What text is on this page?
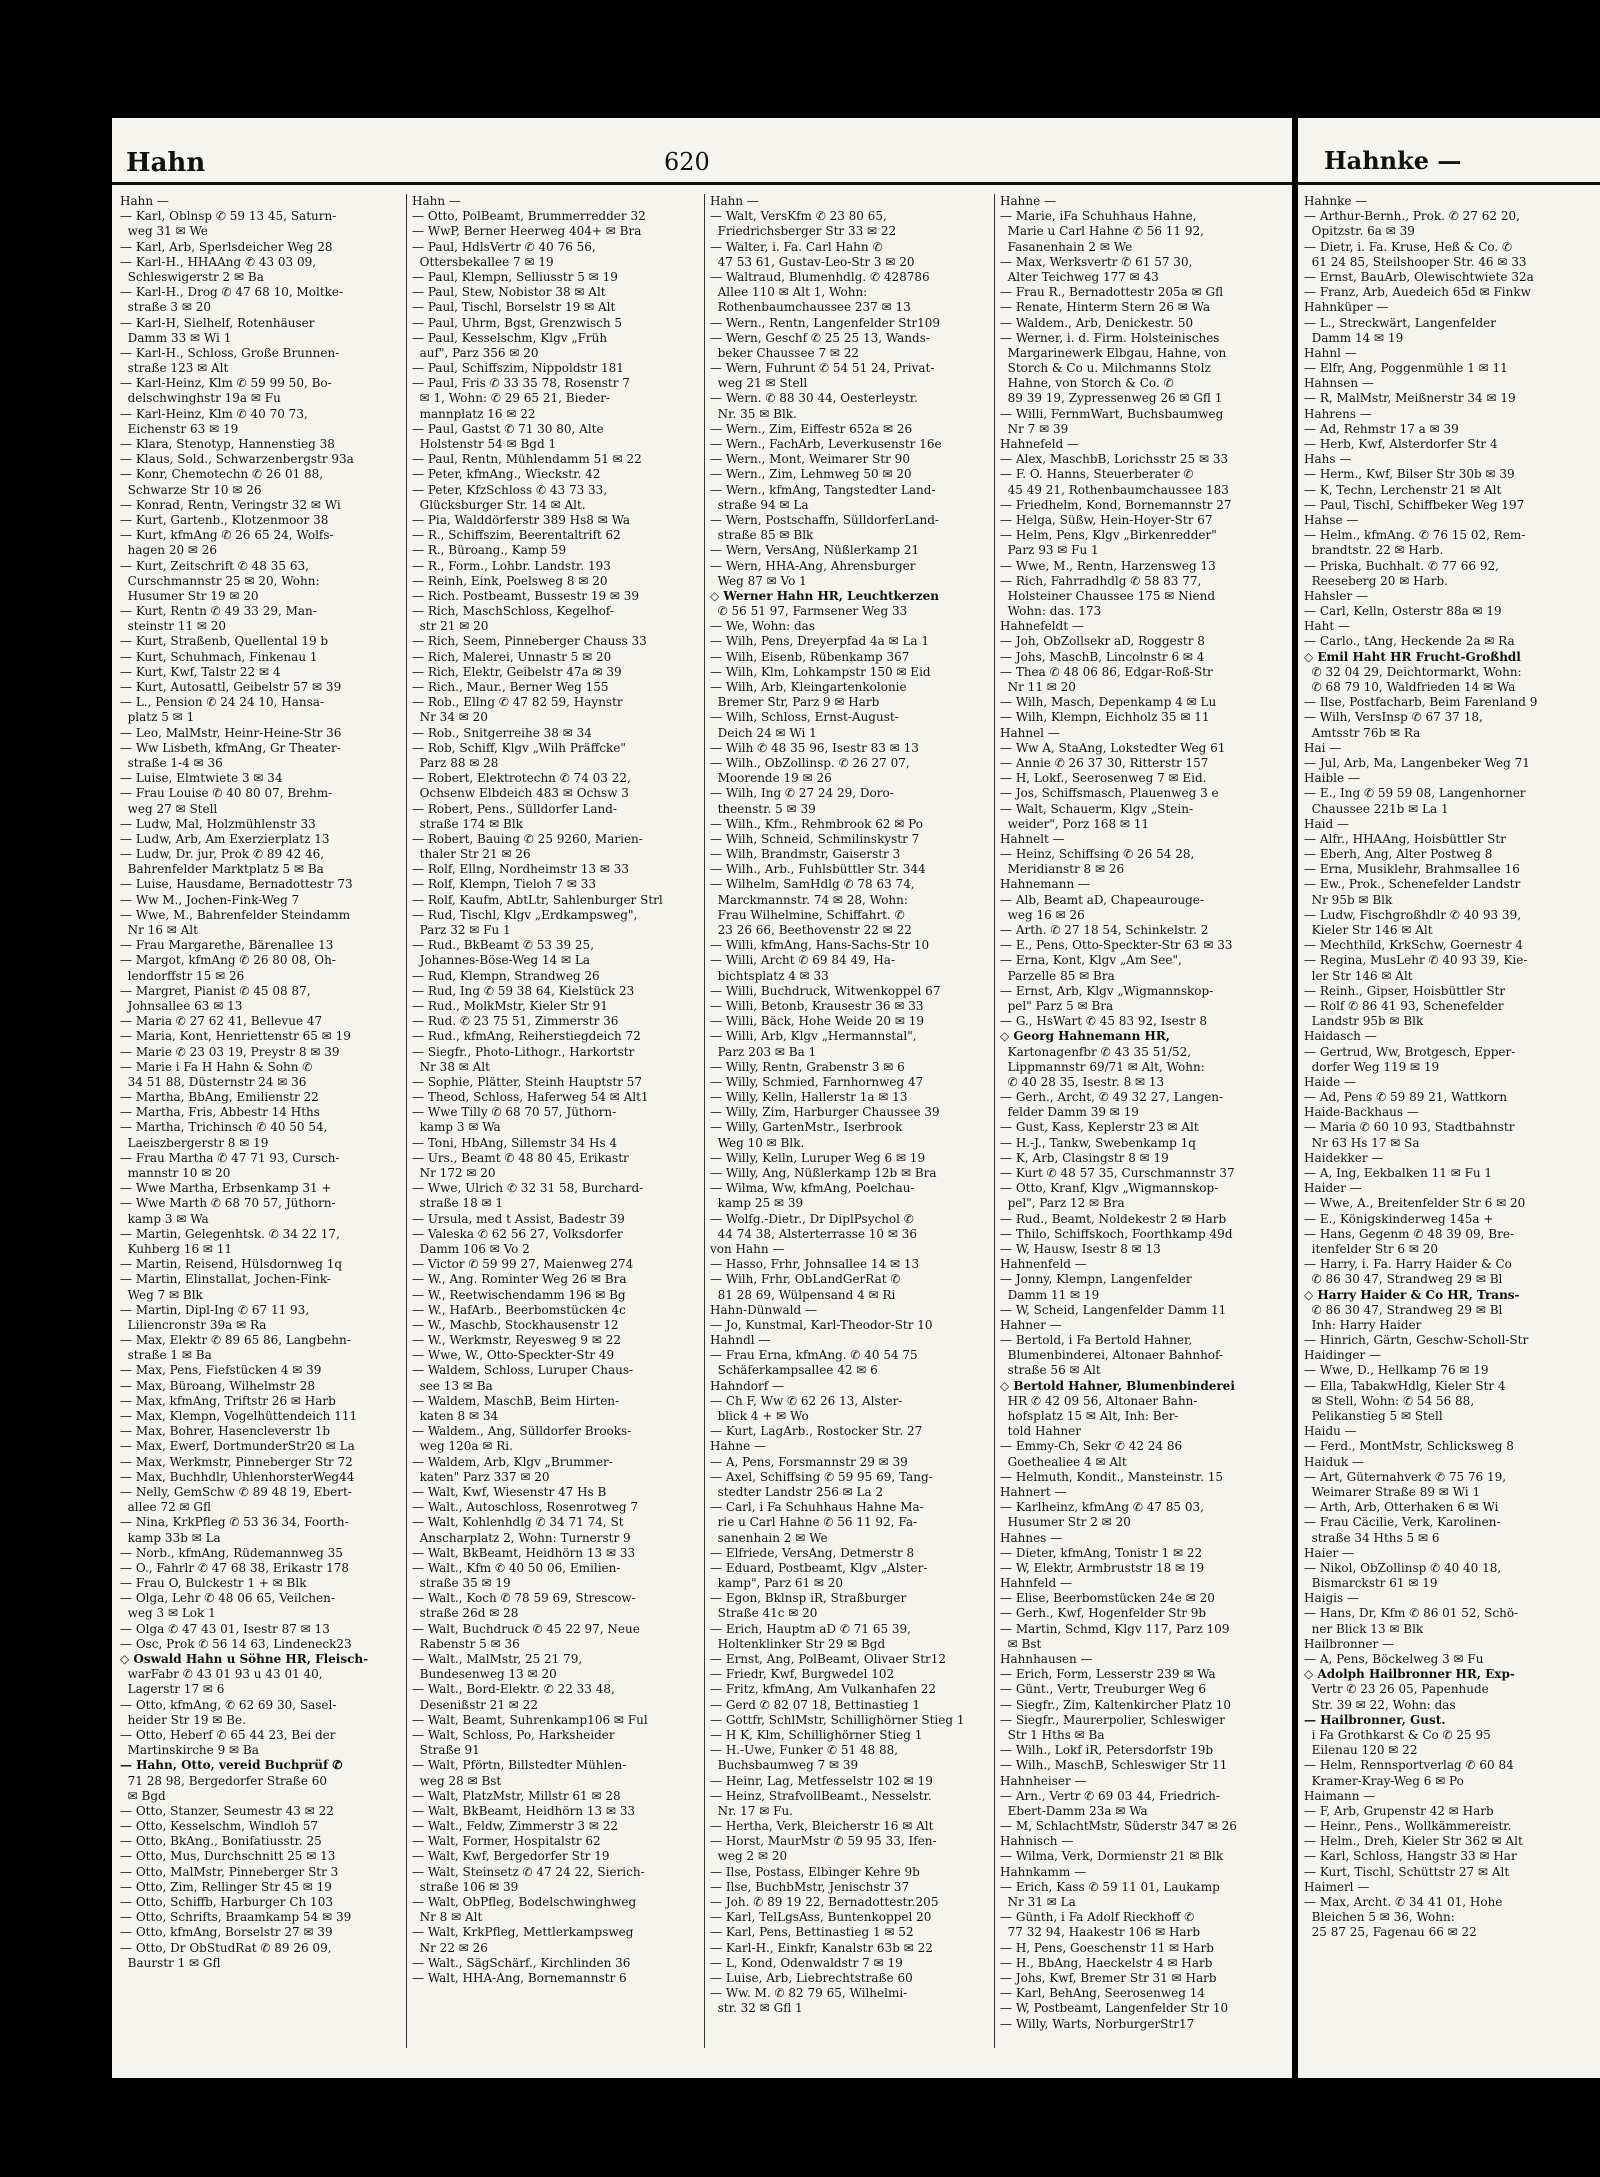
Hahn	620
Hahn —
— Karl, Oblnsp ✆ 59 13 45, Saturn-
weg 31 ✉ We
— Karl, Arb, Sperlsdeicher Weg 28
— Karl-H., HHAAng ✆ 43 03 09,
Schleswigerstr 2 ✉ Ba
— Karl-H., Drog ✆ 47 68 10, Moltke-
straße 3 ✉ 20
— Karl-H, Sielhelf, Rotenhäuser
Damm 33 ✉ Wi 1
— Karl-H., Schloss, Große Brunnen-
straße 123 ✉ Alt
— Karl-Heinz, Klm ✆ 59 99 50, Bo-
delschwinghstr 19a ✉ Fu
— Karl-Heinz, Klm ✆ 40 70 73,
Eichenstr 63 ✉ 19
— Klara, Stenotyp, Hannenstieg 38
— Klaus, Sold., Schwarzenbergstr 93a
— Konr, Chemotechn ✆ 26 01 88,
Schwarze Str 10 ✉ 26
— Konrad, Rentn, Veringstr 32 ✉ Wi
— Kurt, Gartenb., Klotzenmoor 38
— Kurt, kfmAng ✆ 26 65 24, Wolfs-
hagen 20 ✉ 26
— Kurt, Zeitschrift ✆ 48 35 63,
Curschmannstr 25 ✉ 20, Wohn:
Husumer Str 19 ✉ 20
— Kurt, Rentn ✆ 49 33 29, Man-
steinstr 11 ✉ 20
— Kurt, Straßenb, Quellental 19 b
— Kurt, Schuhmach, Finkenau 1
— Kurt, Kwf, Talstr 22 ✉ 4
— Kurt, Autosattl, Geibelstr 57 ✉ 39
— L., Pension ✆ 24 24 10, Hansa-
platz 5 ✉ 1
— Leo, MalMstr, Heinr-Heine-Str 36
— Ww Lisbeth, kfmAng, Gr Theater-
straße 1-4 ✉ 36
— Luise, Elmtwiete 3 ✉ 34
— Frau Louise ✆ 40 80 07, Brehm-
weg 27 ✉ Stell
— Ludw, Mal, Holzmühlenstr 33
— Ludw, Arb, Am Exerzierplatz 13
— Ludw, Dr. jur, Prok ✆ 89 42 46,
Bahrenfelder Marktplatz 5 ✉ Ba
— Luise, Hausdame, Bernadottestr 73
— Ww M., Jochen-Fink-Weg 7
— Wwe, M., Bahrenfelder Steindamm
Nr 16 ✉ Alt
— Frau Margarethe, Bärenallee 13
— Margot, kfmAng ✆ 26 80 08, Oh-
lendorffstr 15 ✉ 26
— Margret, Pianist ✆ 45 08 87,
Johnsallee 63 ✉ 13
— Maria ✆ 27 62 41, Bellevue 47
— Maria, Kont, Henriettenstr 65 ✉ 19
— Marie ✆ 23 03 19, Preystr 8 ✉ 39
— Marie i Fa H Hahn & Sohn ✆
34 51 88, Düsternstr 24 ✉ 36
— Martha, BbAng, Emilienstr 22
— Martha, Fris, Abbestr 14 Hths
— Martha, Trichinsch ✆ 40 50 54,
Laeiszbergerstr 8 ✉ 19
— Frau Martha ✆ 47 71 93, Cursch-
mannstr 10 ✉ 20
— Wwe Martha, Erbsenkamp 31 +
— Wwe Marth ✆ 68 70 57, Jüthorn-
kamp 3 ✉ Wa
— Martin, Gelegenhtsk. ✆ 34 22 17,
Kuhberg 16 ✉ 11
— Martin, Reisend, Hülsdornweg 1q
— Martin, Elinstallat, Jochen-Fink-
Weg 7 ✉ Blk
— Martin, Dipl-Ing ✆ 67 11 93,
Liliencronstr 39a ✉ Ra
— Max, Elektr ✆ 89 65 86, Langbehn-
straße 1 ✉ Ba
— Max, Pens, Fiefstücken 4 ✉ 39
— Max, Büroang, Wilhelmstr 28
— Max, kfmAng, Triftstr 26 ✉ Harb
— Max, Klempn, Vogelhüttendeich 111
— Max, Bohrer, Hasencleverstr 1b
— Max, Ewerf, DortmunderStr20 ✉ La
— Max, Werkmstr, Pinneberger Str 72
— Max, Buchhdlr, UhlenhorsterWeg44
— Nelly, GemSchw ✆ 89 48 19, Ebert-
allee 72 ✉ Gfl
— Nina, KrkPfleg ✆ 53 36 34, Foorth-
kamp 33b ✉ La
— Norb., kfmAng, Rüdemannweg 35
— O., Fahrlr ✆ 47 68 38, Erikastr 178
— Frau O, Bulckestr 1 + ✉ Blk
— Olga, Lehr ✆ 48 06 65, Veilchen-
weg 3 ✉ Lok 1
— Olga ✆ 47 43 01, Isestr 87 ✉ 13
— Osc, Prok ✆ 56 14 63, Lindeneck23
◇ Oswald Hahn u Söhne HR, Fleisch-
warFabr ✆ 43 01 93 u 43 01 40,
Lagerstr 17 ✉ 6
— Otto, kfmAng, ✆ 62 69 30, Sasel-
heider Str 19 ✉ Be.
— Otto, Heberf ✆ 65 44 23, Bei der
Martinskirche 9 ✉ Ba
— Hahn, Otto, vereid Buchprüf ✆
71 28 98, Bergedorfer Straße 60
✉ Bgd
— Otto, Stanzer, Seumestr 43 ✉ 22
— Otto, Kesselschm, Windloh 57
— Otto, BkAng., Bonifatiusstr. 25
— Otto, Mus, Durchschnitt 25 ✉ 13
— Otto, MalMstr, Pinneberger Str 3
— Otto, Zim, Rellinger Str 45 ✉ 19
— Otto, Schiffb, Harburger Ch 103
— Otto, Schrifts, Braamkamp 54 ✉ 39
— Otto, kfmAng, Borselstr 27 ✉ 39
— Otto, Dr ObStudRat ✆ 89 26 09,
Baurstr 1 ✉ Gfl
Hahn —
— Otto, PolBeamt, Brummerredder 32
— WwP, Berner Heerweg 404+ ✉ Bra
— Paul, HdlsVertr ✆ 40 76 56,
Ottersbekallee 7 ✉ 19
— Paul, Klempn, Selliusstr 5 ✉ 19
— Paul, Stew, Nobistor 38 ✉ Alt
— Paul, Tischl, Borselstr 19 ✉ Alt
— Paul, Uhrm, Bgst, Grenzwisch 5
— Paul, Kesselschm, Klgv „Früh
auf", Parz 356 ✉ 20
— Paul, Schiffszim, Nippoldstr 181
— Paul, Fris ✆ 33 35 78, Rosenstr 7
✉ 1, Wohn: ✆ 29 65 21, Bieder-
mannplatz 16 ✉ 22
— Paul, Gastst ✆ 71 30 80, Alte
Holstenstr 54 ✉ Bgd 1
— Paul, Rentn, Mühlendamm 51 ✉ 22
— Peter, kfmAng., Wieckstr. 42
— Peter, KfzSchloss ✆ 43 73 33,
Glücksburger Str. 14 ✉ Alt.
— Pia, Walddörferstr 389 Hs8 ✉ Wa
— R., Schiffszim, Beerentaltrift 62
— R., Büroang., Kamp 59
— R., Form., Lohbr. Landstr. 193
— Reinh, Eink, Poelsweg 8 ✉ 20
— Rich. Postbeamt, Bussestr 19 ✉ 39
— Rich, MaschSchloss, Kegelhof-
str 21 ✉ 20
— Rich, Seem, Pinneberger Chauss 33
— Rich, Malerei, Unnastr 5 ✉ 20
— Rich, Elektr, Geibelstr 47a ✉ 39
— Rich., Maur., Berner Weg 155
— Rob., Ellng ✆ 47 82 59, Haynstr
Nr 34 ✉ 20
— Rob., Snitgerreihe 38 ✉ 34
— Rob, Schiff, Klgv „Wilh Präffcke"
Parz 88 ✉ 28
— Robert, Elektrotechn ✆ 74 03 22,
Ochsenw Elbdeich 483 ✉ Ochsw 3
— Robert, Pens., Sülldorfer Land-
straße 174 ✉ Blk
— Robert, Bauing ✆ 25 9260, Marien-
thaler Str 21 ✉ 26
— Rolf, Ellng, Nordheimstr 13 ✉ 33
— Rolf, Klempn, Tieloh 7 ✉ 33
— Rolf, Kaufm, AbtLtr, Sahlenburger Strl
— Rud, Tischl, Klgv „Erdkampsweg",
Parz 32 ✉ Fu 1
— Rud., BkBeamt ✆ 53 39 25,
Johannes-Böse-Weg 14 ✉ La
— Rud, Klempn, Strandweg 26
— Rud, Ing ✆ 59 38 64, Kielstück 23
— Rud., MolkMstr, Kieler Str 91
— Rud. ✆ 23 75 51, Zimmerstr 36
— Rud., kfmAng, Reiherstiegdeich 72
— Siegfr., Photo-Lithogr., Harkortstr
Nr 38 ✉ Alt
— Sophie, Plätter, Steinh Hauptstr 57
— Theod, Schloss, Haferweg 54 ✉ Alt1
— Wwe Tilly ✆ 68 70 57, Jüthorn-
kamp 3 ✉ Wa
— Toni, HbAng, Sillemstr 34 Hs 4
— Urs., Beamt ✆ 48 80 45, Erikastr
Nr 172 ✉ 20
— Wwe, Ulrich ✆ 32 31 58, Burchard-
straße 18 ✉ 1
— Ursula, med t Assist, Badestr 39
— Valeska ✆ 62 56 27, Volksdorfer
Damm 106 ✉ Vo 2
— Victor ✆ 59 99 27, Maienweg 274
— W., Ang. Rominter Weg 26 ✉ Bra
— W., Reetwischendamm 196 ✉ Bg
— W., HafArb., Beerbomstücken 4c
— W., Maschb, Stockhausenstr 12
— W., Werkmstr, Reyesweg 9 ✉ 22
— Wwe, W., Otto-Speckter-Str 49
— Waldem, Schloss, Luruper Chaus-
see 13 ✉ Ba
— Waldem, MaschB, Beim Hirten-
katen 8 ✉ 34
— Waldem., Ang, Sülldorfer Brooks-
weg 120a ✉ Ri.
— Waldem, Arb, Klgv „Brummer-
katen" Parz 337 ✉ 20
— Walt, Kwf, Wiesenstr 47 Hs B
— Walt., Autoschloss, Rosenrotweg 7
— Walt, Kohlenhdlg ✆ 34 71 74, St
Anscharplatz 2, Wohn: Turnerstr 9
— Walt, BkBeamt, Heidhörn 13 ✉ 33
— Walt., Kfm ✆ 40 50 06, Emilien-
straße 35 ✉ 19
— Walt., Koch ✆ 78 59 69, Strescow-
straße 26d ✉ 28
— Walt, Buchdruck ✆ 45 22 97, Neue
Rabenstr 5 ✉ 36
— Walt., MalMstr, 25 21 79,
Bundesenweg 13 ✉ 20
— Walt., Bord-Elektr. ✆ 22 33 48,
Desenißstr 21 ✉ 22
— Walt, Beamt, Suhrenkamp106 ✉ Ful
— Walt, Schloss, Po, Harksheider
Straße 91
— Walt, Pförtn, Billstedter Mühlen-
weg 28 ✉ Bst
— Walt, PlatzMstr, Millstr 61 ✉ 28
— Walt, BkBeamt, Heidhörn 13 ✉ 33
— Walt., Feldw, Zimmerstr 3 ✉ 22
— Walt, Former, Hospitalstr 62
— Walt, Kwf, Bergedorfer Str 19
— Walt, Steinsetz ✆ 47 24 22, Sierich-
straße 106 ✉ 39
— Walt, ObPfleg, Bodelschwinghweg
Nr 8 ✉ Alt
— Walt, KrkPfleg, Mettlerkampsweg
Nr 22 ✉ 26
— Walt., SägSchärf., Kirchlinden 36
— Walt, HHA-Ang, Bornemannstr 6
Hahn —
— Walt, VersKfm ✆ 23 80 65,
Friedrichsberger Str 33 ✉ 22
— Walter, i. Fa. Carl Hahn ✆
47 53 61, Gustav-Leo-Str 3 ✉ 20
— Waltraud, Blumenhdlg. ✆ 428786
Allee 110 ✉ Alt 1, Wohn:
Rothenbaumchaussee 237 ✉ 13
— Wern., Rentn, Langenfelder Str109
— Wern, Geschf ✆ 25 25 13, Wands-
beker Chaussee 7 ✉ 22
— Wern, Fuhrunt ✆ 54 51 24, Privat-
weg 21 ✉ Stell
— Wern. ✆ 88 30 44, Oesterleystr.
Nr. 35 ✉ Blk.
— Wern., Zim, Eiffestr 652a ✉ 26
— Wern., FachArb, Leverkusenstr 16e
— Wern., Mont, Weimarer Str 90
— Wern., Zim, Lehmweg 50 ✉ 20
— Wern., kfmAng, Tangstedter Land-
straße 94 ✉ La
— Wern, Postschaffn, SülldorferLand-
straße 85 ✉ Blk
— Wern, VersAng, Nüßlerkamp 21
— Wern, HHA-Ang, Ahrensburger
Weg 87 ✉ Vo 1
◇ Werner Hahn HR, Leuchtkerzen
✆ 56 51 97, Farmsener Weg 33
— We, Wohn: das
— Wilh, Pens, Dreyerpfad 4a ✉ La 1
— Wilh, Eisenb, Rübenkamp 367
— Wilh, Klm, Lohkampstr 150 ✉ Eid
— Wilh, Arb, Kleingartenkolonie
Bremer Str, Parz 9 ✉ Harb
— Wilh, Schloss, Ernst-August-
Deich 24 ✉ Wi 1
— Wilh ✆ 48 35 96, Isestr 83 ✉ 13
— Wilh., ObZollinsp. ✆ 26 27 07,
Moorende 19 ✉ 26
— Wilh, Ing ✆ 27 24 29, Doro-
theenstr. 5 ✉ 39
— Wilh., Kfm., Rehmbrook 62 ✉ Po
— Wilh, Schneid, Schmilinskystr 7
— Wilh, Brandmstr, Gaiserstr 3
— Wilh., Arb., Fuhlsbüttler Str. 344
— Wilhelm, SamHdlg ✆ 78 63 74,
Marckmannstr. 74 ✉ 28, Wohn:
Frau Wilhelmine, Schiffahrt. ✆
23 26 66, Beethovenstr 22 ✉ 22
— Willi, kfmAng, Hans-Sachs-Str 10
— Willi, Archt ✆ 69 84 49, Ha-
bichtsplatz 4 ✉ 33
— Willi, Buchdruck, Witwenkoppel 67
— Willi, Betonb, Krausestr 36 ✉ 33
— Willi, Bäck, Hohe Weide 20 ✉ 19
— Willi, Arb, Klgv „Hermannstal",
Parz 203 ✉ Ba 1
— Willy, Rentn, Grabenstr 3 ✉ 6
— Willy, Schmied, Farnhornweg 47
— Willy, Kelln, Hallerstr 1a ✉ 13
— Willy, Zim, Harburger Chaussee 39
— Willy, GartenMstr., Iserbrook
Weg 10 ✉ Blk.
— Willy, Kelln, Luruper Weg 6 ✉ 19
— Willy, Ang, Nüßlerkamp 12b ✉ Bra
— Wilma, Ww, kfmAng, Poelchau-
kamp 25 ✉ 39
— Wolfg.-Dietr., Dr DiplPsychol ✆
44 74 38, Alsterterrasse 10 ✉ 36
von Hahn —
— Hasso, Frhr, Johnsallee 14 ✉ 13
— Wilh, Frhr, ObLandGerRat ✆
81 28 69, Wülpensand 4 ✉ Ri
Hahn-Dünwald —
— Jo, Kunstmal, Karl-Theodor-Str 10
Hahndl —
— Frau Erna, kfmAng. ✆ 40 54 75
Schäferkampsallee 42 ✉ 6
Hahndorf —
— Ch F, Ww ✆ 62 26 13, Alster-
blick 4 + ✉ Wo
— Kurt, LagArb., Rostocker Str. 27
Hahne —
— A, Pens, Forsmannstr 29 ✉ 39
— Axel, Schiffsing ✆ 59 95 69, Tang-
stedter Landstr 256 ✉ La 2
— Carl, i Fa Schuhhaus Hahne Ma-
rie u Carl Hahne ✆ 56 11 92, Fa-
sanenhain 2 ✉ We
— Elfriede, VersAng, Detmerstr 8
— Eduard, Postbeamt, Klgv „Alster-
kamp", Parz 61 ✉ 20
— Egon, Bklnsp iR, Straßburger
Straße 41c ✉ 20
— Erich, Hauptm aD ✆ 71 65 39,
Holtenklinker Str 29 ✉ Bgd
— Ernst, Ang, PolBeamt, Olivaer Str12
— Friedr, Kwf, Burgwedel 102
— Fritz, kfmAng, Am Vulkanhafen 22
— Gerd ✆ 82 07 18, Bettinastieg 1
— Gottfr, SchlMstr, Schillighörner Stieg 1
— H K, Klm, Schillighörner Stieg 1
— H.-Uwe, Funker ✆ 51 48 88,
Buchsbaumweg 7 ✉ 39
— Heinr, Lag, Metfesselstr 102 ✉ 19
— Heinz, StrafvollBeamt., Nesselstr.
Nr. 17 ✉ Fu.
— Hertha, Verk, Bleicherstr 16 ✉ Alt
— Horst, MaurMstr ✆ 59 95 33, Ifen-
weg 2 ✉ 20
— Ilse, Postass, Elbinger Kehre 9b
— Ilse, BuchbMstr, Jenischstr 37
— Joh. ✆ 89 19 22, Bernadottestr.205
— Karl, TelLgsAss, Buntenkoppel 20
— Karl, Pens, Bettinastieg 1 ✉ 52
— Karl-H., Einkfr, Kanalstr 63b ✉ 22
— L, Kond, Odenwaldstr 7 ✉ 19
— Luise, Arb, Liebrechtstraße 60
— Ww. M. ✆ 82 79 65, Wilhelmi-
str. 32 ✉ Gfl 1
Hahne —
— Marie, iFa Schuhhaus Hahne,
Marie u Carl Hahne ✆ 56 11 92,
Fasanenhain 2 ✉ We
— Max, Werksvertr ✆ 61 57 30,
Alter Teichweg 177 ✉ 43
— Frau R., Bernadottestr 205a ✉ Gfl
— Renate, Hinterm Stern 26 ✉ Wa
— Waldem., Arb, Denickestr. 50
— Werner, i. d. Firm. Holsteinisches
Margarinewerk Elbgau, Hahne, von
Storch & Co u. Milchmanns Stolz
Hahne, von Storch & Co. ✆
89 39 19, Zypressenweg 26 ✉ Gfl 1
— Willi, FernmWart, Buchsbaumweg
Nr 7 ✉ 39
Hahnefeld —
— Alex, MaschbB, Lorichsstr 25 ✉ 33
— F. O. Hanns, Steuerberater ✆
45 49 21, Rothenbaumchaussee 183
— Friedhelm, Kond, Bornemannstr 27
— Helga, Süßw, Hein-Hoyer-Str 67
— Helm, Pens, Klgv „Birkenredder"
Parz 93 ✉ Fu 1
— Wwe, M., Rentn, Harzensweg 13
— Rich, Fahrradhdlg ✆ 58 83 77,
Holsteiner Chaussee 175 ✉ Niend
Wohn: das. 173
Hahnefeldt —
— Joh, ObZollsekr aD, Roggestr 8
— Johs, MaschB, Lincolnstr 6 ✉ 4
— Thea ✆ 48 06 86, Edgar-Roß-Str
Nr 11 ✉ 20
— Wilh, Masch, Depenkamp 4 ✉ Lu
— Wilh, Klempn, Eichholz 35 ✉ 11
Hahnel —
— Ww A, StaAng, Lokstedter Weg 61
— Annie ✆ 26 37 30, Ritterstr 157
— H, Lokf., Seerosenweg 7 ✉ Eid.
— Jos, Schiffsmasch, Plauenweg 3 e
— Walt, Schauerm, Klgv „Stein-
weider", Porz 168 ✉ 11
Hahnelt —
— Heinz, Schiffsing ✆ 26 54 28,
Meridianstr 8 ✉ 26
Hahnemann —
— Alb, Beamt aD, Chapeaurouge-
weg 16 ✉ 26
— Arth. ✆ 27 18 54, Schinkelstr. 2
— E., Pens, Otto-Speckter-Str 63 ✉ 33
— Erna, Kont, Klgv „Am See",
Parzelle 85 ✉ Bra
— Ernst, Arb, Klgv „Wigmannskop-
pel" Parz 5 ✉ Bra
— G., HsWart ✆ 45 83 92, Isestr 8
◇ Georg Hahnemann HR,
Kartonagenfbr ✆ 43 35 51/52,
Lippmannstr 69/71 ✉ Alt, Wohn:
✆ 40 28 35, Isestr. 8 ✉ 13
— Gerh., Archt, ✆ 49 32 27, Langen-
felder Damm 39 ✉ 19
— Gust, Kass, Keplerstr 23 ✉ Alt
— H.-J., Tankw, Swebenkamp 1q
— K, Arb, Clasingstr 8 ✉ 19
— Kurt ✆ 48 57 35, Curschmannstr 37
— Otto, Kranf, Klgv „Wigmannskop-
pel", Parz 12 ✉ Bra
— Rud., Beamt, Noldekestr 2 ✉ Harb
— Thilo, Schiffskoch, Foorthkamp 49d
— W, Hausw, Isestr 8 ✉ 13
Hahnenfeld —
— Jonny, Klempn, Langenfelder
Damm 11 ✉ 19
— W, Scheid, Langenfelder Damm 11
Hahner —
— Bertold, i Fa Bertold Hahner,
Blumenbinderei, Altonaer Bahnhof-
straße 56 ✉ Alt
◇ Bertold Hahner, Blumenbinderei
HR ✆ 42 09 56, Altonaer Bahn-
hofsplatz 15 ✉ Alt, Inh: Ber-
told Hahner
— Emmy-Ch, Sekr ✆ 42 24 86
Goethealiee 4 ✉ Alt
— Helmuth, Kondit., Mansteinstr. 15
Hahnert —
— Karlheinz, kfmAng ✆ 47 85 03,
Husumer Str 2 ✉ 20
Hahnes —
— Dieter, kfmAng, Tonistr 1 ✉ 22
— W, Elektr, Armbruststr 18 ✉ 19
Hahnfeld —
— Elise, Beerbomstücken 24e ✉ 20
— Gerh., Kwf, Hogenfelder Str 9b
— Martin, Schmd, Klgv 117, Parz 109
✉ Bst
Hahnhausen —
— Erich, Form, Lesserstr 239 ✉ Wa
— Günt., Vertr, Treuburger Weg 6
— Siegfr., Zim, Kaltenkircher Platz 10
— Siegfr., Maurerpolier, Schleswiger
Str 1 Hths ✉ Ba
— Wilh., Lokf iR, Petersdorfstr 19b
— Wilh., MaschB, Schleswiger Str 11
Hahnheiser —
— Arn., Vertr ✆ 69 03 44, Friedrich-
Ebert-Damm 23a ✉ Wa
— M, SchlachtMstr, Süderstr 347 ✉ 26
Hahnisch —
— Wilma, Verk, Dormienstr 21 ✉ Blk
Hahnkamm —
— Erich, Kass ✆ 59 11 01, Laukamp
Nr 31 ✉ La
— Günth, i Fa Adolf Rieckhoff ✆
77 32 94, Haakestr 106 ✉ Harb
— H, Pens, Goeschenstr 11 ✉ Harb
— H., BbAng, Haeckelstr 4 ✉ Harb
— Johs, Kwf, Bremer Str 31 ✉ Harb
— Karl, BehAng, Seerosenweg 14
— W, Postbeamt, Langenfelder Str 10
— Willy, Warts, NorburgerStr17
Hahnke —
Hahnke —
— Arthur-Bernh., Prok. ✆ 27 62 20,
Opitzstr. 6a ✉ 39
— Dietr, i. Fa. Kruse, Heß & Co. ✆
61 24 85, Steilshooper Str. 46 ✉ 33
— Ernst, BauArb, Olewischtwiete 32a
— Franz, Arb, Auedeich 65d ✉ Finkw
Hahnküper —
— L., Streckwärt, Langenfelder
Damm 14 ✉ 19
Hahnl —
— Elfr, Ang, Poggenmühle 1 ✉ 11
Hahnsen —
— R, MalMstr, Meißnerstr 34 ✉ 19
Hahrens —
— Ad, Rehmstr 17 a ✉ 39
— Herb, Kwf, Alsterdorfer Str 4
Hahs —
— Herm., Kwf, Bilser Str 30b ✉ 39
— K, Techn, Lerchenstr 21 ✉ Alt
— Paul, Tischl, Schiffbeker Weg 197
Hahse —
— Helm., kfmAng. ✆ 76 15 02, Rem-
brandtstr. 22 ✉ Harb.
— Priska, Buchhalt. ✆ 77 66 92,
Reeseberg 20 ✉ Harb.
Hahsler —
— Carl, Kelln, Osterstr 88a ✉ 19
Haht —
— Carlo., tAng, Heckende 2a ✉ Ra
◇ Emil Haht HR Frucht-Großhdl
✆ 32 04 29, Deichtormarkt, Wohn:
✆ 68 79 10, Waldfrieden 14 ✉ Wa
— Ilse, Postfacharb, Beim Farenland 9
— Wilh, VersInsp ✆ 67 37 18,
Amtsstr 76b ✉ Ra
Hai —
— Jul, Arb, Ma, Langenbeker Weg 71
Haible —
— E., Ing ✆ 59 59 08, Langenhorner
Chaussee 221b ✉ La 1
Haid —
— Alfr., HHAAng, Hoisbüttler Str
— Eberh, Ang, Alter Postweg 8
— Erna, Musiklehr, Brahmsallee 16
— Ew., Prok., Schenefelder Landstr
Nr 95b ✉ Blk
— Ludw, Fischgroßhdlr ✆ 40 93 39,
Kieler Str 146 ✉ Alt
— Mechthild, KrkSchw, Goernestr 4
— Regina, MusLehr ✆ 40 93 39, Kie-
ler Str 146 ✉ Alt
— Reinh., Gipser, Hoisbüttler Str
— Rolf ✆ 86 41 93, Schenefelder
Landstr 95b ✉ Blk
Haidasch —
— Gertrud, Ww, Brotgesch, Epper-
dorfer Weg 119 ✉ 19
Haide —
— Ad, Pens ✆ 59 89 21, Wattkorn
Haide-Backhaus —
— Maria ✆ 60 10 93, Stadtbahnstr
Nr 63 Hs 17 ✉ Sa
Haidekker —
— A, Ing, Eekbalken 11 ✉ Fu 1
Haider —
— Wwe, A., Breitenfelder Str 6 ✉ 20
— E., Königskinderweg 145a +
— Hans, Gegenm ✆ 48 39 09, Bre-
itenfelder Str 6 ✉ 20
— Harry, i. Fa. Harry Haider & Co
✆ 86 30 47, Strandweg 29 ✉ Bl
◇ Harry Haider & Co HR, Trans-
✆ 86 30 47, Strandweg 29 ✉ Bl
Inh: Harry Haider
— Hinrich, Gärtn, Geschw-Scholl-Str
Haidinger —
— Wwe, D., Hellkamp 76 ✉ 19
— Ella, TabakwHdlg, Kieler Str 4
✉ Stell, Wohn: ✆ 54 56 88,
Pelikanstieg 5 ✉ Stell
Haidu —
— Ferd., MontMstr, Schlicksweg 8
Haiduk —
— Art, Güternahverk ✆ 75 76 19,
Weimarer Straße 89 ✉ Wi 1
— Arth, Arb, Otterhaken 6 ✉ Wi
— Frau Cäcilie, Verk, Karolinen-
straße 34 Hths 5 ✉ 6
Haier —
— Nikol, ObZollinsp ✆ 40 40 18,
Bismarckstr 61 ✉ 19
Haigis —
— Hans, Dr, Kfm ✆ 86 01 52, Schö-
ner Blick 13 ✉ Blk
Hailbronner —
— A, Pens, Böckelweg 3 ✉ Fu
◇ Adolph Hailbronner HR, Exp-
Vertr ✆ 23 26 05, Papenhude
Str. 39 ✉ 22, Wohn: das
— Hailbronner, Gust.
i Fa Grothkarst & Co ✆ 25 95
Eilenau 120 ✉ 22
— Helm, Rennsportverlag ✆ 60 84
Kramer-Kray-Weg 6 ✉ Po
Haimann —
— F, Arb, Grupenstr 42 ✉ Harb
— Heinr., Pens., Wollkämmereistr.
— Helm., Dreh, Kieler Str 362 ✉ Alt
— Karl, Schloss, Hangstr 33 ✉ Har
— Kurt, Tischl, Schüttstr 27 ✉ Alt
Haimerl —
— Max, Archt. ✆ 34 41 01, Hohe
Bleichen 5 ✉ 36, Wohn:
25 87 25, Fagenau 66 ✉ 22
